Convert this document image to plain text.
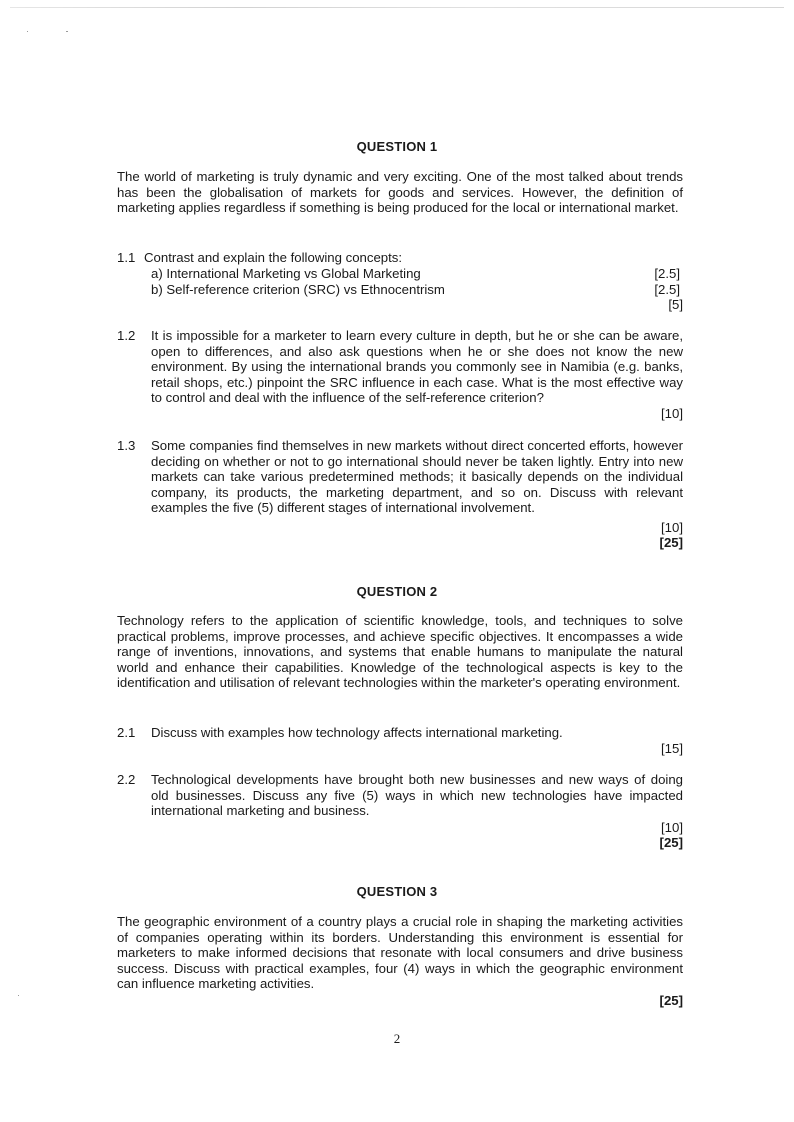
QUESTION 1
The world of marketing is truly dynamic and very exciting. One of the most talked about trends has been the globalisation of markets for goods and services. However, the definition of marketing applies regardless if something is being produced for the local or international market.
1.1 Contrast and explain the following concepts:
a) International Marketing vs Global Marketing	[2.5]
b) Self-reference criterion (SRC) vs Ethnocentrism	[2.5]
[5]
1.2 It is impossible for a marketer to learn every culture in depth, but he or she can be aware, open to differences, and also ask questions when he or she does not know the new environment. By using the international brands you commonly see in Namibia (e.g. banks, retail shops, etc.) pinpoint the SRC influence in each case. What is the most effective way to control and deal with the influence of the self-reference criterion?
[10]
1.3 Some companies find themselves in new markets without direct concerted efforts, however deciding on whether or not to go international should never be taken lightly. Entry into new markets can take various predetermined methods; it basically depends on the individual company, its products, the marketing department, and so on. Discuss with relevant examples the five (5) different stages of international involvement.
[10]
[25]
QUESTION 2
Technology refers to the application of scientific knowledge, tools, and techniques to solve practical problems, improve processes, and achieve specific objectives. It encompasses a wide range of inventions, innovations, and systems that enable humans to manipulate the natural world and enhance their capabilities. Knowledge of the technological aspects is key to the identification and utilisation of relevant technologies within the marketer's operating environment.
2.1 Discuss with examples how technology affects international marketing.
[15]
2.2 Technological developments have brought both new businesses and new ways of doing old businesses. Discuss any five (5) ways in which new technologies have impacted international marketing and business.
[10]
[25]
QUESTION 3
The geographic environment of a country plays a crucial role in shaping the marketing activities of companies operating within its borders. Understanding this environment is essential for marketers to make informed decisions that resonate with local consumers and drive business success. Discuss with practical examples, four (4) ways in which the geographic environment can influence marketing activities.
[25]
2
